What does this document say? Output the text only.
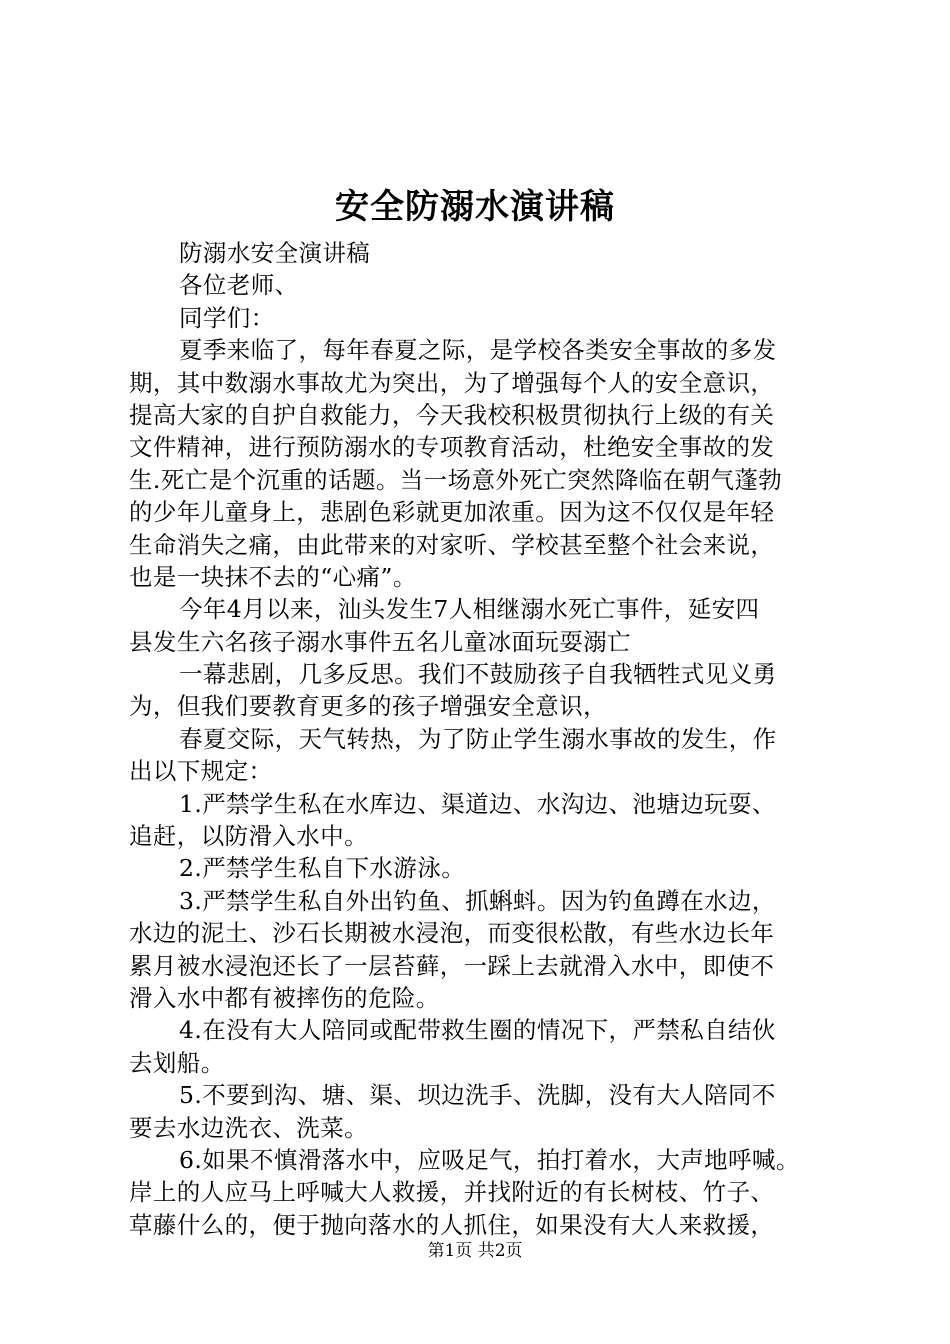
安全防溺水演讲稿
防溺水安全演讲稿
各位老师、
同学们：
夏季来临了，每年春夏之际，是学校各类安全事故的多发
期，其中数溺水事故尤为突出，为了增强每个人的安全意识，
提高大家的自护自救能力，今天我校积极贯彻执行上级的有关
文件精神，进行预防溺水的专项教育活动，杜绝安全事故的发
生.死亡是个沉重的话题。当一场意外死亡突然降临在朝气蓬勃
的少年儿童身上，悲剧色彩就更加浓重。因为这不仅仅是年轻
生命消失之痛，由此带来的对家听、学校甚至整个社会来说，
也是一块抹不去的“心痛”。
今年4月以来，汕头发生7人相继溺水死亡事件，延安四
县发生六名孩子溺水事件五名儿童冰面玩耍溺亡
一幕悲剧，几多反思。我们不鼓励孩子自我牺牲式见义勇
为，但我们要教育更多的孩子增强安全意识，
春夏交际，天气转热，为了防止学生溺水事故的发生，作
出以下规定：
1.严禁学生私在水库边、渠道边、水沟边、池塘边玩耍、
追赶，以防滑入水中。
2.严禁学生私自下水游泳。
3.严禁学生私自外出钓鱼、抓蝌蚪。因为钓鱼蹲在水边，
水边的泥土、沙石长期被水浸泡，而变很松散，有些水边长年
累月被水浸泡还长了一层苔藓，一踩上去就滑入水中，即使不
滑入水中都有被摔伤的危险。
4.在没有大人陪同或配带救生圈的情况下，严禁私自结伙
去划船。
5.不要到沟、塘、渠、坝边洗手、洗脚，没有大人陪同不
要去水边洗衣、洗菜。
6.如果不慎滑落水中，应吸足气，拍打着水，大声地呼喊。
岸上的人应马上呼喊大人救援，并找附近的有长树枝、竹子、
草藤什么的，便于抛向落水的人抓住，如果没有大人来救援，
第1页 共2页
